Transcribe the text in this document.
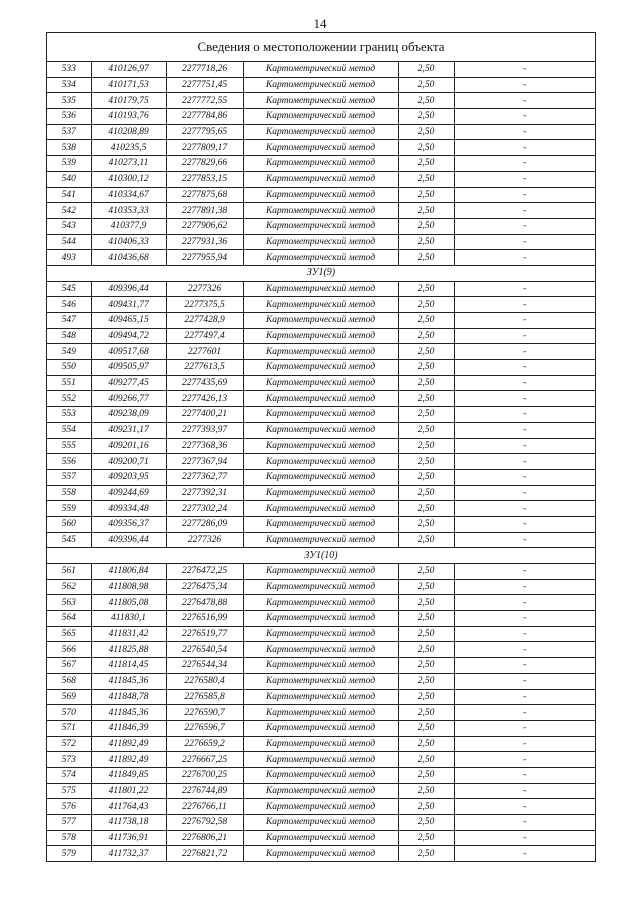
14
Сведения о местоположении границ объекта
533	410126,97	2277718,26	Картометрический метод	2,50	-
534	410171,53	2277751,45	Картометрический метод	2,50	-
535	410179,75	2277772,55	Картометрический метод	2,50	-
536	410193,76	2277784,86	Картометрический метод	2,50	-
537	410208,89	2277795,65	Картометрический метод	2,50	-
538	410235,5	2277809,17	Картометрический метод	2,50	-
539	410273,11	2277829,66	Картометрический метод	2,50	-
540	410300,12	2277853,15	Картометрический метод	2,50	-
541	410334,67	2277875,68	Картометрический метод	2,50	-
542	410353,33	2277891,38	Картометрический метод	2,50	-
543	410377,9	2277906,62	Картометрический метод	2,50	-
544	410406,33	2277931,36	Картометрический метод	2,50	-
493	410436,68	2277955,94	Картометрический метод	2,50	-
ЗУ1(9)					
545	409396,44	2277326	Картометрический метод	2,50	-
546	409431,77	2277375,5	Картометрический метод	2,50	-
547	409465,15	2277428,9	Картометрический метод	2,50	-
548	409494,72	2277497,4	Картометрический метод	2,50	-
549	409517,68	2277601	Картометрический метод	2,50	-
550	409505,97	2277613,5	Картометрический метод	2,50	-
551	409277,45	2277435,69	Картометрический метод	2,50	-
552	409266,77	2277426,13	Картометрический метод	2,50	-
553	409238,09	2277400,21	Картометрический метод	2,50	-
554	409231,17	2277393,97	Картометрический метод	2,50	-
555	409201,16	2277368,36	Картометрический метод	2,50	-
556	409200,71	2277367,94	Картометрический метод	2,50	-
557	409203,95	2277362,77	Картометрический метод	2,50	-
558	409244,69	2277392,31	Картометрический метод	2,50	-
559	409334,48	2277302,24	Картометрический метод	2,50	-
560	409356,37	2277286,09	Картометрический метод	2,50	-
545	409396,44	2277326	Картометрический метод	2,50	-
ЗУ1(10)					
561	411806,84	2276472,25	Картометрический метод	2,50	-
562	411808,98	2276475,34	Картометрический метод	2,50	-
563	411805,08	2276478,88	Картометрический метод	2,50	-
564	411830,1	2276516,99	Картометрический метод	2,50	-
565	411831,42	2276519,77	Картометрический метод	2,50	-
566	411825,88	2276540,54	Картометрический метод	2,50	-
567	411814,45	2276544,34	Картометрический метод	2,50	-
568	411845,36	2276580,4	Картометрический метод	2,50	-
569	411848,78	2276585,8	Картометрический метод	2,50	-
570	411845,36	2276590,7	Картометрический метод	2,50	-
571	411846,39	2276596,7	Картометрический метод	2,50	-
572	411892,49	2276659,2	Картометрический метод	2,50	-
573	411892,49	2276667,25	Картометрический метод	2,50	-
574	411849,85	2276700,25	Картометрический метод	2,50	-
575	411801,22	2276744,89	Картометрический метод	2,50	-
576	411764,43	2276766,11	Картометрический метод	2,50	-
577	411738,18	2276792,58	Картометрический метод	2,50	-
578	411736,91	2276806,21	Картометрический метод	2,50	-
579	411732,37	2276821,72	Картометрический метод	2,50	-
